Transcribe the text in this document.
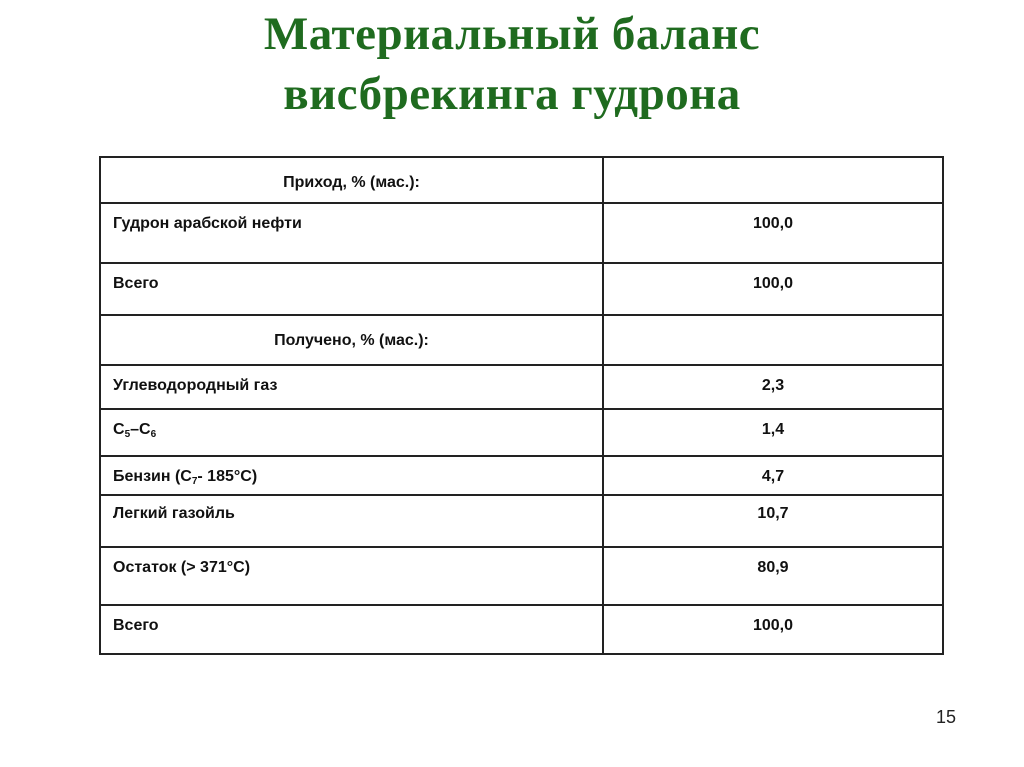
Материальный баланс
висбрекинга гудрона
Приход, % (мас.):	
Гудрон арабской нефти	100,0
Всего	100,0
Получено, % (мас.):	
Углеводородный газ	2,3
$С_5-С_6$	1,4
Бензин ($С_7-$ 185°С)	4,7
Легкий газойль	10,7
Остаток (> 371°С)	80,9
Всего	100,0
15
